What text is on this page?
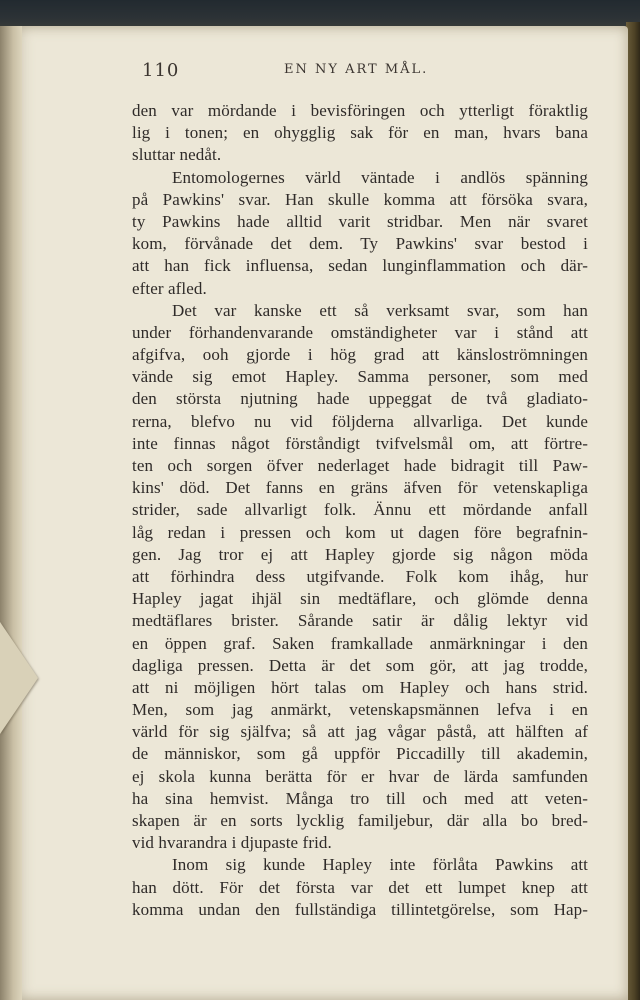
110	EN NY ART MÅL.
den var mördande i bevisföringen och ytterligt föraktlig
lig i tonen; en ohygglig sak för en man, hvars bana
sluttar nedåt.
Entomologernes värld väntade i andlös spänning
på Pawkins' svar. Han skulle komma att försöka svara,
ty Pawkins hade alltid varit stridbar. Men när svaret
kom, förvånade det dem. Ty Pawkins' svar bestod i
att han fick influensa, sedan lunginflammation och där-
efter afled.
Det var kanske ett så verksamt svar, som han
under förhandenvarande omständigheter var i stånd att
afgifva, ooh gjorde i hög grad att känsloströmningen
vände sig emot Hapley. Samma personer, som med
den största njutning hade uppeggat de två gladiato-
rerna, blefvo nu vid följderna allvarliga. Det kunde
inte finnas något förståndigt tvifvelsmål om, att förtre-
ten och sorgen öfver nederlaget hade bidragit till Paw-
kins' död. Det fanns en gräns äfven för vetenskapliga
strider, sade allvarligt folk. Ännu ett mördande anfall
låg redan i pressen och kom ut dagen före begrafnin-
gen. Jag tror ej att Hapley gjorde sig någon möda
att förhindra dess utgifvande. Folk kom ihåg, hur
Hapley jagat ihjäl sin medtäflare, och glömde denna
medtäflares brister. Sårande satir är dålig lektyr vid
en öppen graf. Saken framkallade anmärkningar i den
dagliga pressen. Detta är det som gör, att jag trodde,
att ni möjligen hört talas om Hapley och hans strid.
Men, som jag anmärkt, vetenskapsmännen lefva i en
värld för sig själfva; så att jag vågar påstå, att hälften af
de människor, som gå uppför Piccadilly till akademin,
ej skola kunna berätta för er hvar de lärda samfunden
ha sina hemvist. Många tro till och med att veten-
skapen är en sorts lycklig familjebur, där alla bo bred-
vid hvarandra i djupaste frid.
Inom sig kunde Hapley inte förlåta Pawkins att
han dött. För det första var det ett lumpet knep att
komma undan den fullständiga tillintetgörelse, som Hap-
